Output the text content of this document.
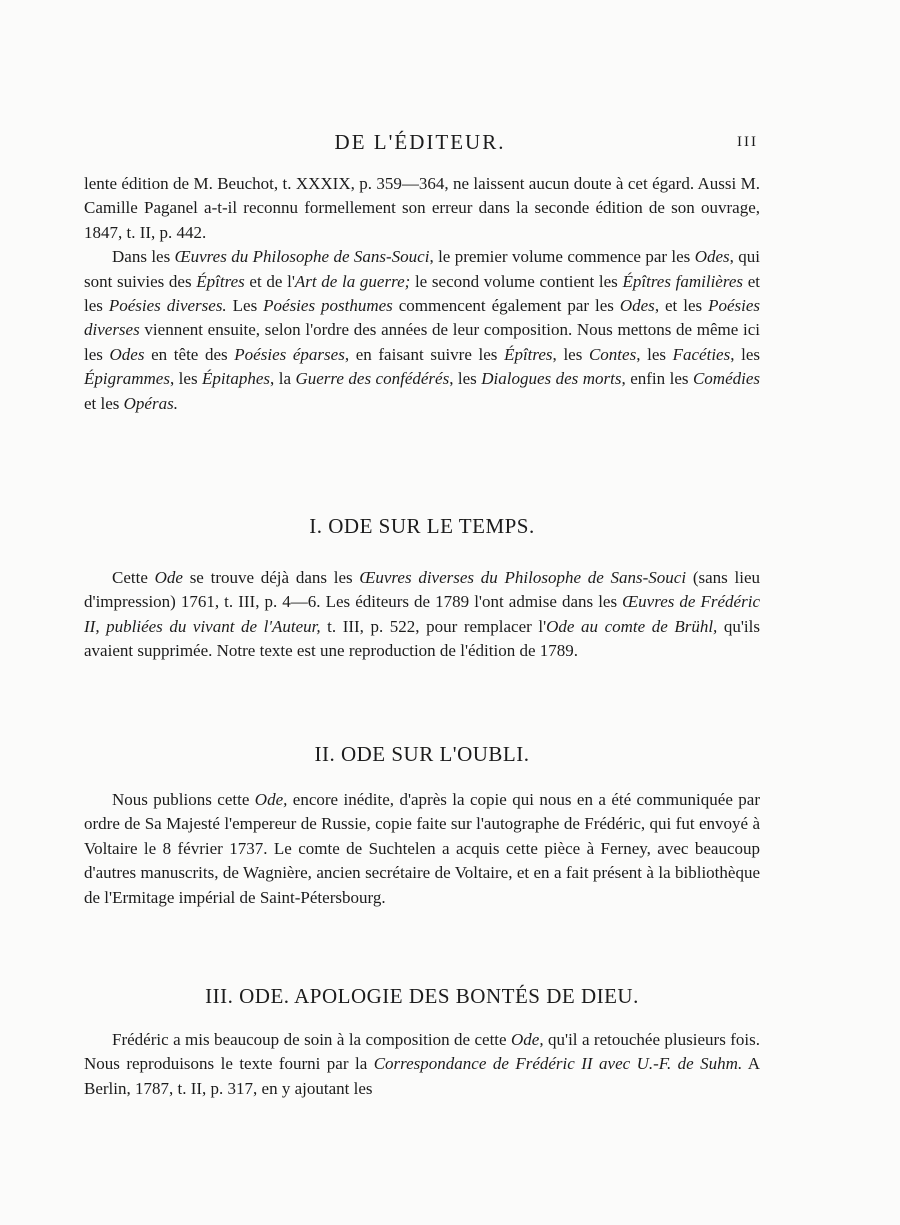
DE L'ÉDITEUR.	III

lente édition de M. Beuchot, t. XXXIX, p. 359—364, ne laissent aucun doute à cet égard. Aussi M. Camille Paganel a-t-il reconnu formellement son erreur dans la seconde édition de son ouvrage, 1847, t. II, p. 442.

Dans les Œuvres du Philosophe de Sans-Souci, le premier volume commence par les Odes, qui sont suivies des Épîtres et de l'Art de la guerre; le second volume contient les Épîtres familières et les Poésies diverses. Les Poésies posthumes commencent également par les Odes, et les Poésies diverses viennent ensuite, selon l'ordre des années de leur composition. Nous mettons de même ici les Odes en tête des Poésies éparses, en faisant suivre les Épîtres, les Contes, les Facéties, les Épigrammes, les Épitaphes, la Guerre des confédérés, les Dialogues des morts, enfin les Comédies et les Opéras.

I. ODE SUR LE TEMPS.

Cette Ode se trouve déjà dans les Œuvres diverses du Philosophe de Sans-Souci (sans lieu d'impression) 1761, t. III, p. 4—6. Les éditeurs de 1789 l'ont admise dans les Œuvres de Frédéric II, publiées du vivant de l'Auteur, t. III, p. 522, pour remplacer l'Ode au comte de Brühl, qu'ils avaient supprimée. Notre texte est une reproduction de l'édition de 1789.

II. ODE SUR L'OUBLI.

Nous publions cette Ode, encore inédite, d'après la copie qui nous en a été communiquée par ordre de Sa Majesté l'empereur de Russie, copie faite sur l'autographe de Frédéric, qui fut envoyé à Voltaire le 8 février 1737. Le comte de Suchtelen a acquis cette pièce à Ferney, avec beaucoup d'autres manuscrits, de Wagnière, ancien secrétaire de Voltaire, et en a fait présent à la bibliothèque de l'Ermitage impérial de Saint-Pétersbourg.

III. ODE. APOLOGIE DES BONTÉS DE DIEU.

Frédéric a mis beaucoup de soin à la composition de cette Ode, qu'il a retouchée plusieurs fois. Nous reproduisons le texte fourni par la Correspondance de Frédéric II avec U.-F. de Suhm. A Berlin, 1787, t. II, p. 317, en y ajoutant les
